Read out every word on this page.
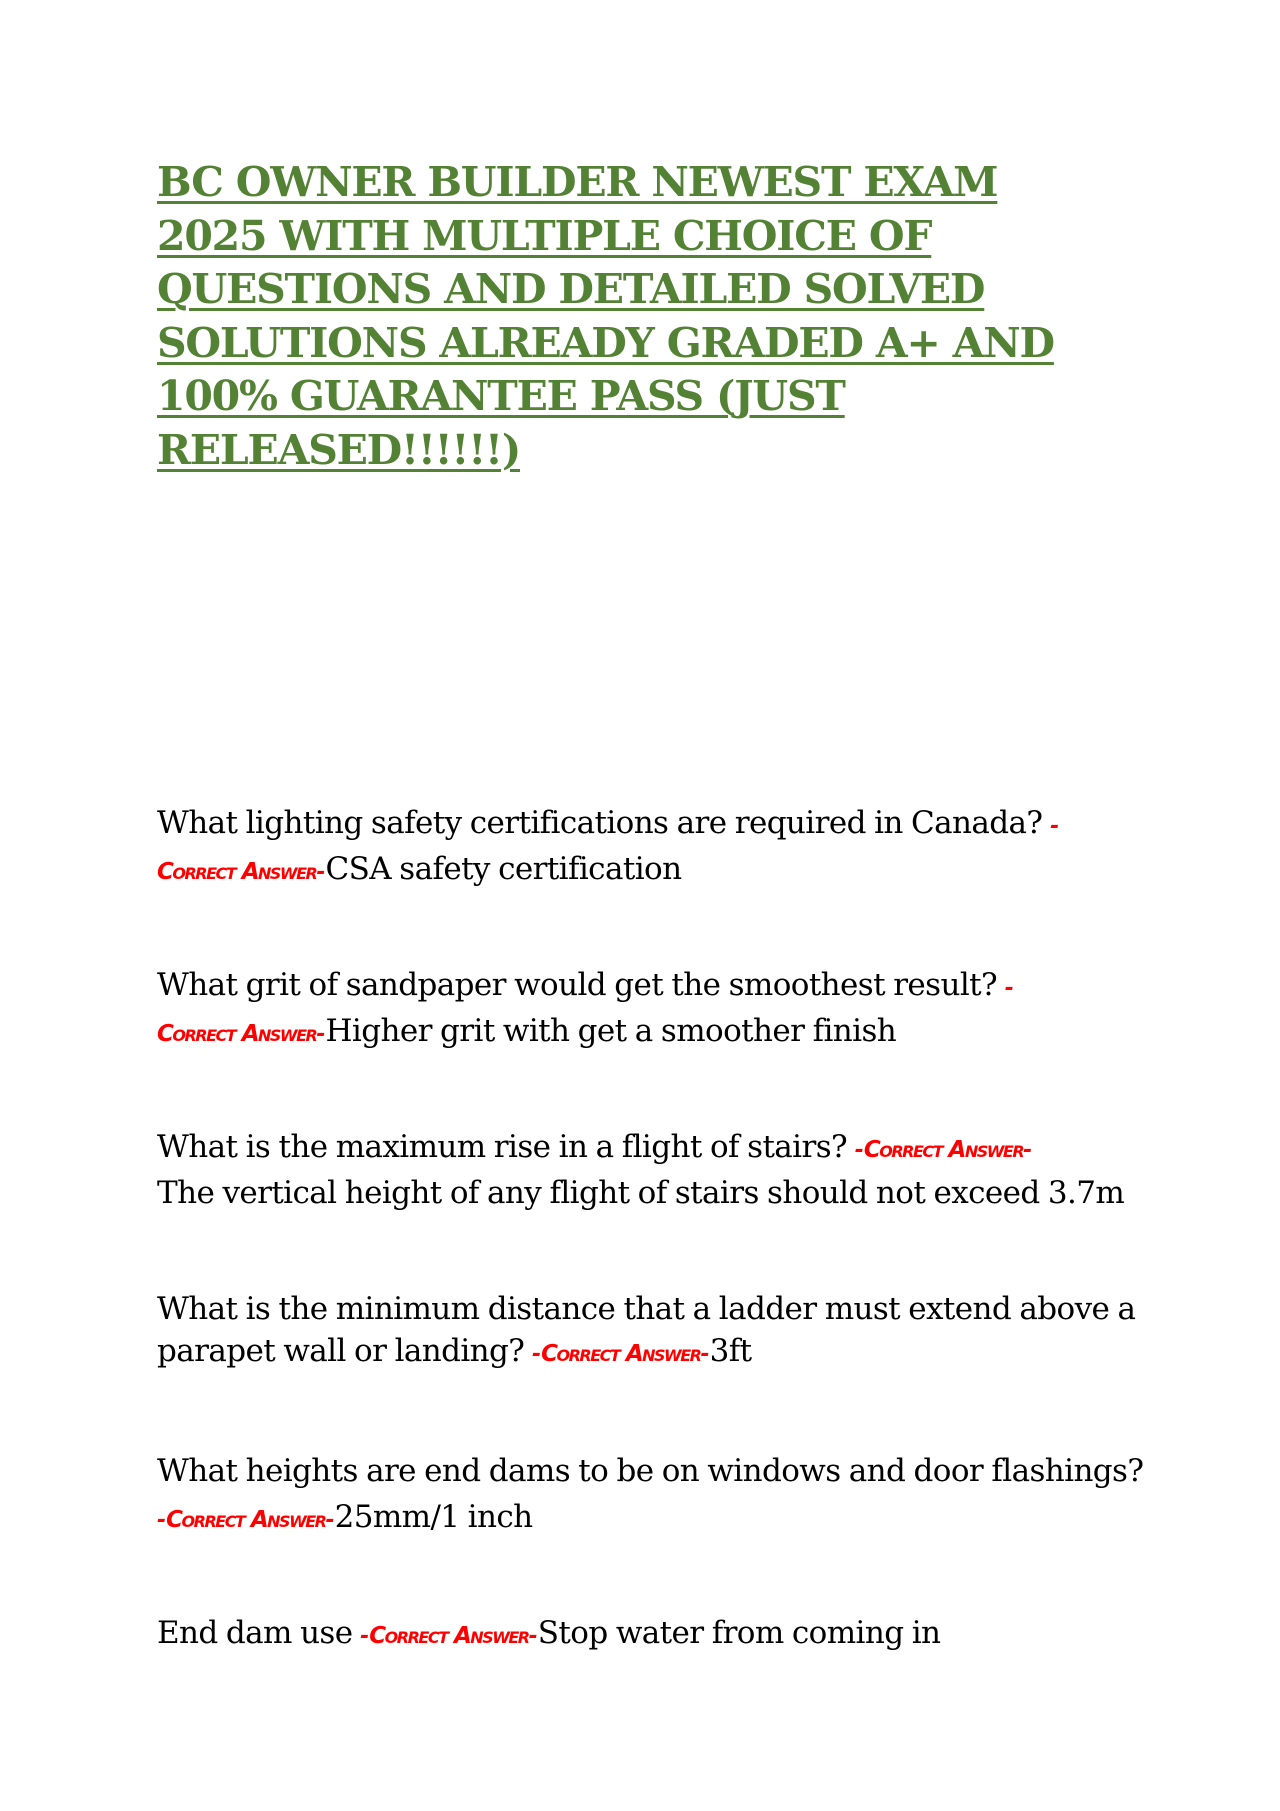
BC OWNER BUILDER NEWEST EXAM 2025 WITH MULTIPLE CHOICE OF QUESTIONS AND DETAILED SOLVED SOLUTIONS ALREADY GRADED A+ AND 100% GUARANTEE PASS (JUST RELEASED!!!!!!)

What lighting safety certifications are required in Canada? -
Correct Answer-CSA safety certification

What grit of sandpaper would get the smoothest result? -
Correct Answer-Higher grit with get a smoother finish

What is the maximum rise in a flight of stairs? -Correct Answer-
The vertical height of any flight of stairs should not exceed 3.7m

What is the minimum distance that a ladder must extend above a parapet wall or landing? -Correct Answer-3ft

What heights are end dams to be on windows and door flashings? -Correct Answer-25mm/1 inch

End dam use -Correct Answer-Stop water from coming in
